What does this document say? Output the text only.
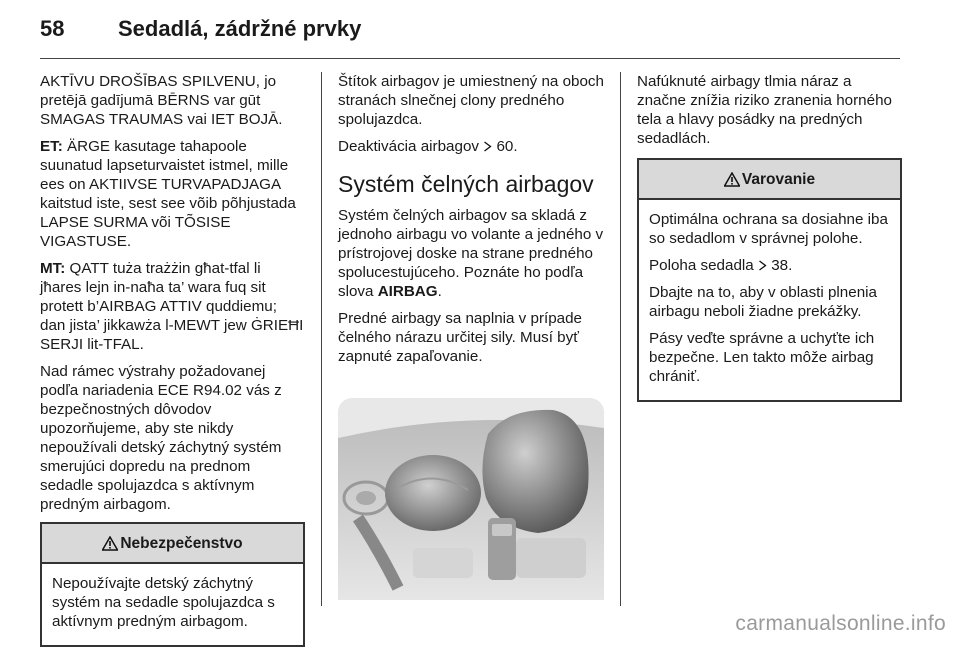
58 Sedadlá, zádržné prvky

AKTĪVU DROŠĪBAS SPILVENU, jo pretējā gadījumā BĒRNS var gūt SMAGAS TRAUMAS vai IET BOJĀ.

ET: ÄRGE kasutage tahapoole suunatud lapseturvaistet istmel, mille ees on AKTIIVSE TURVAPADJAGA kaitstud iste, sest see võib põhjustada LAPSE SURMA või TÕSISE VIGASTUSE.

MT: QATT tuża trażżin għat-tfal li jħares lejn in-naħa ta’ wara fuq sit protett b’AIRBAG ATTIV quddiemu; dan jista’ jikkawża l-MEWT jew ĠRIEĦI SERJI lit-TFAL.

Nad rámec výstrahy požadovanej podľa nariadenia ECE R94.02 vás z bezpečnostných dôvodov upozorňujeme, aby ste nikdy nepoužívali detský záchytný systém smerujúci dopredu na prednom sedadle spolujazdca s aktívnym predným airbagom.

Nebezpečenstvo

Nepoužívajte detský záchytný systém na sedadle spolujazdca s aktívnym predným airbagom.

Štítok airbagov je umiestnený na oboch stranách slnečnej clony predného spolujazdca.

Deaktivácia airbagov 60.

Systém čelných airbagov

Systém čelných airbagov sa skladá z jednoho airbagu vo volante a jedného v prístrojovej doske na strane predného spolucestujúceho. Poznáte ho podľa slova AIRBAG.

Predné airbagy sa naplnia v prípade čelného nárazu určitej sily. Musí byť zapnuté zapaľovanie.

Nafúknuté airbagy tlmia náraz a značne znížia riziko zranenia horného tela a hlavy posádky na predných sedadlách.

Varovanie

Optimálna ochrana sa dosiahne iba so sedadlom v správnej polohe.

Poloha sedadla 38.

Dbajte na to, aby v oblasti plnenia airbagu neboli žiadne prekážky.

Pásy veďte správne a uchyťte ich bezpečne. Len takto môže airbag chrániť.

carmanualsonline.info
